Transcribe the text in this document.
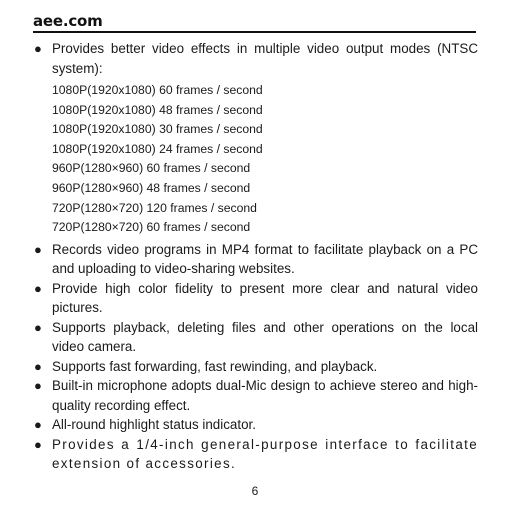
aee.com
● Provides better video effects in multiple video output modes (NTSC system):
1080P(1920x1080) 60 frames / second
1080P(1920x1080) 48 frames / second
1080P(1920x1080) 30 frames / second
1080P(1920x1080) 24 frames / second
960P(1280×960) 60 frames / second
960P(1280×960) 48 frames / second
720P(1280×720) 120 frames / second
720P(1280×720) 60 frames / second
● Records video programs in MP4 format to facilitate playback on a PC and uploading to video-sharing websites.
● Provide high color fidelity to present more clear and natural video pictures.
● Supports playback, deleting files and other operations on the local video camera.
● Supports fast forwarding, fast rewinding, and playback.
● Built-in microphone adopts dual-Mic design to achieve stereo and high-quality recording effect.
● All-round highlight status indicator.
● Provides a 1/4-inch general-purpose interface to facilitate extension of accessories.
6
